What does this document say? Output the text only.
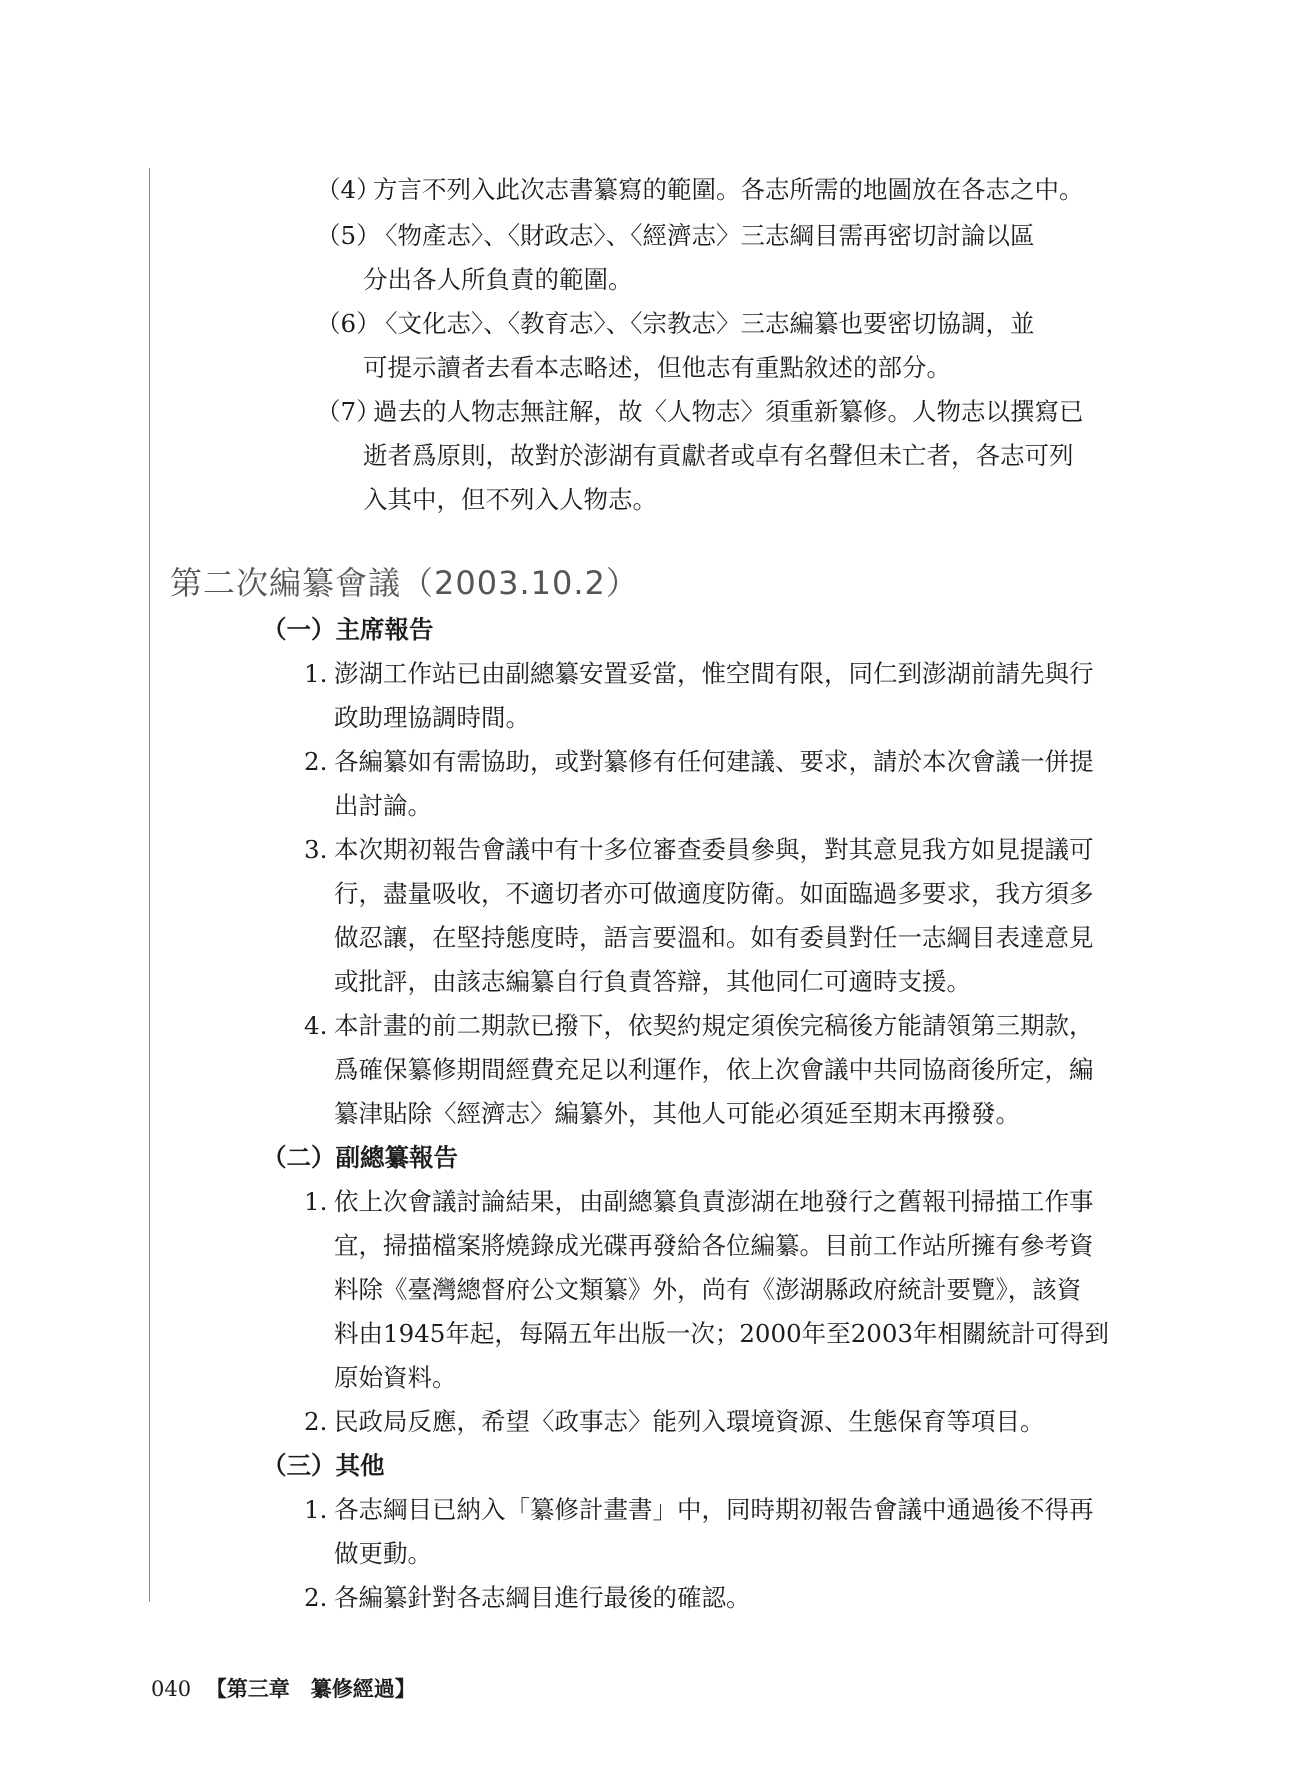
（4）
方言不列入此次志書纂寫的範圍。各志所需的地圖放在各志之中。
（5）
〈物產志〉、〈財政志〉、〈經濟志〉三志綱目需再密切討論以區
分出各人所負責的範圍。
（6）
〈文化志〉、〈教育志〉、〈宗教志〉三志編纂也要密切協調，並
可提示讀者去看本志略述，但他志有重點敘述的部分。
（7）
過去的人物志無註解，故〈人物志〉須重新纂修。人物志以撰寫已
逝者爲原則，故對於澎湖有貢獻者或卓有名聲但未亡者，各志可列
入其中，但不列入人物志。
第二次編纂會議（2003.10.2）
（一）主席報告
1. 澎湖工作站已由副總纂安置妥當，惟空間有限，同仁到澎湖前請先與行
政助理協調時間。
2. 各編纂如有需協助，或對纂修有任何建議、要求，請於本次會議一併提
出討論。
3. 本次期初報告會議中有十多位審查委員參與，對其意見我方如見提議可
行，盡量吸收，不適切者亦可做適度防衛。如面臨過多要求，我方須多
做忍讓，在堅持態度時，語言要溫和。如有委員對任一志綱目表達意見
或批評，由該志編纂自行負責答辯，其他同仁可適時支援。
4. 本計畫的前二期款已撥下，依契約規定須俟完稿後方能請領第三期款，
爲確保纂修期間經費充足以利運作，依上次會議中共同協商後所定，編
纂津貼除〈經濟志〉編纂外，其他人可能必須延至期末再撥發。
（二）副總纂報告
1. 依上次會議討論結果，由副總纂負責澎湖在地發行之舊報刊掃描工作事
宜，掃描檔案將燒錄成光碟再發給各位編纂。目前工作站所擁有參考資
料除《臺灣總督府公文類纂》外，尚有《澎湖縣政府統計要覽》，該資
料由1945年起，每隔五年出版一次；2000年至2003年相關統計可得到
原始資料。
2. 民政局反應，希望〈政事志〉能列入環境資源、生態保育等項目。
（三）其他
1. 各志綱目已納入「纂修計畫書」中，同時期初報告會議中通過後不得再
做更動。
2. 各編纂針對各志綱目進行最後的確認。
040 【第三章　纂修經過】
